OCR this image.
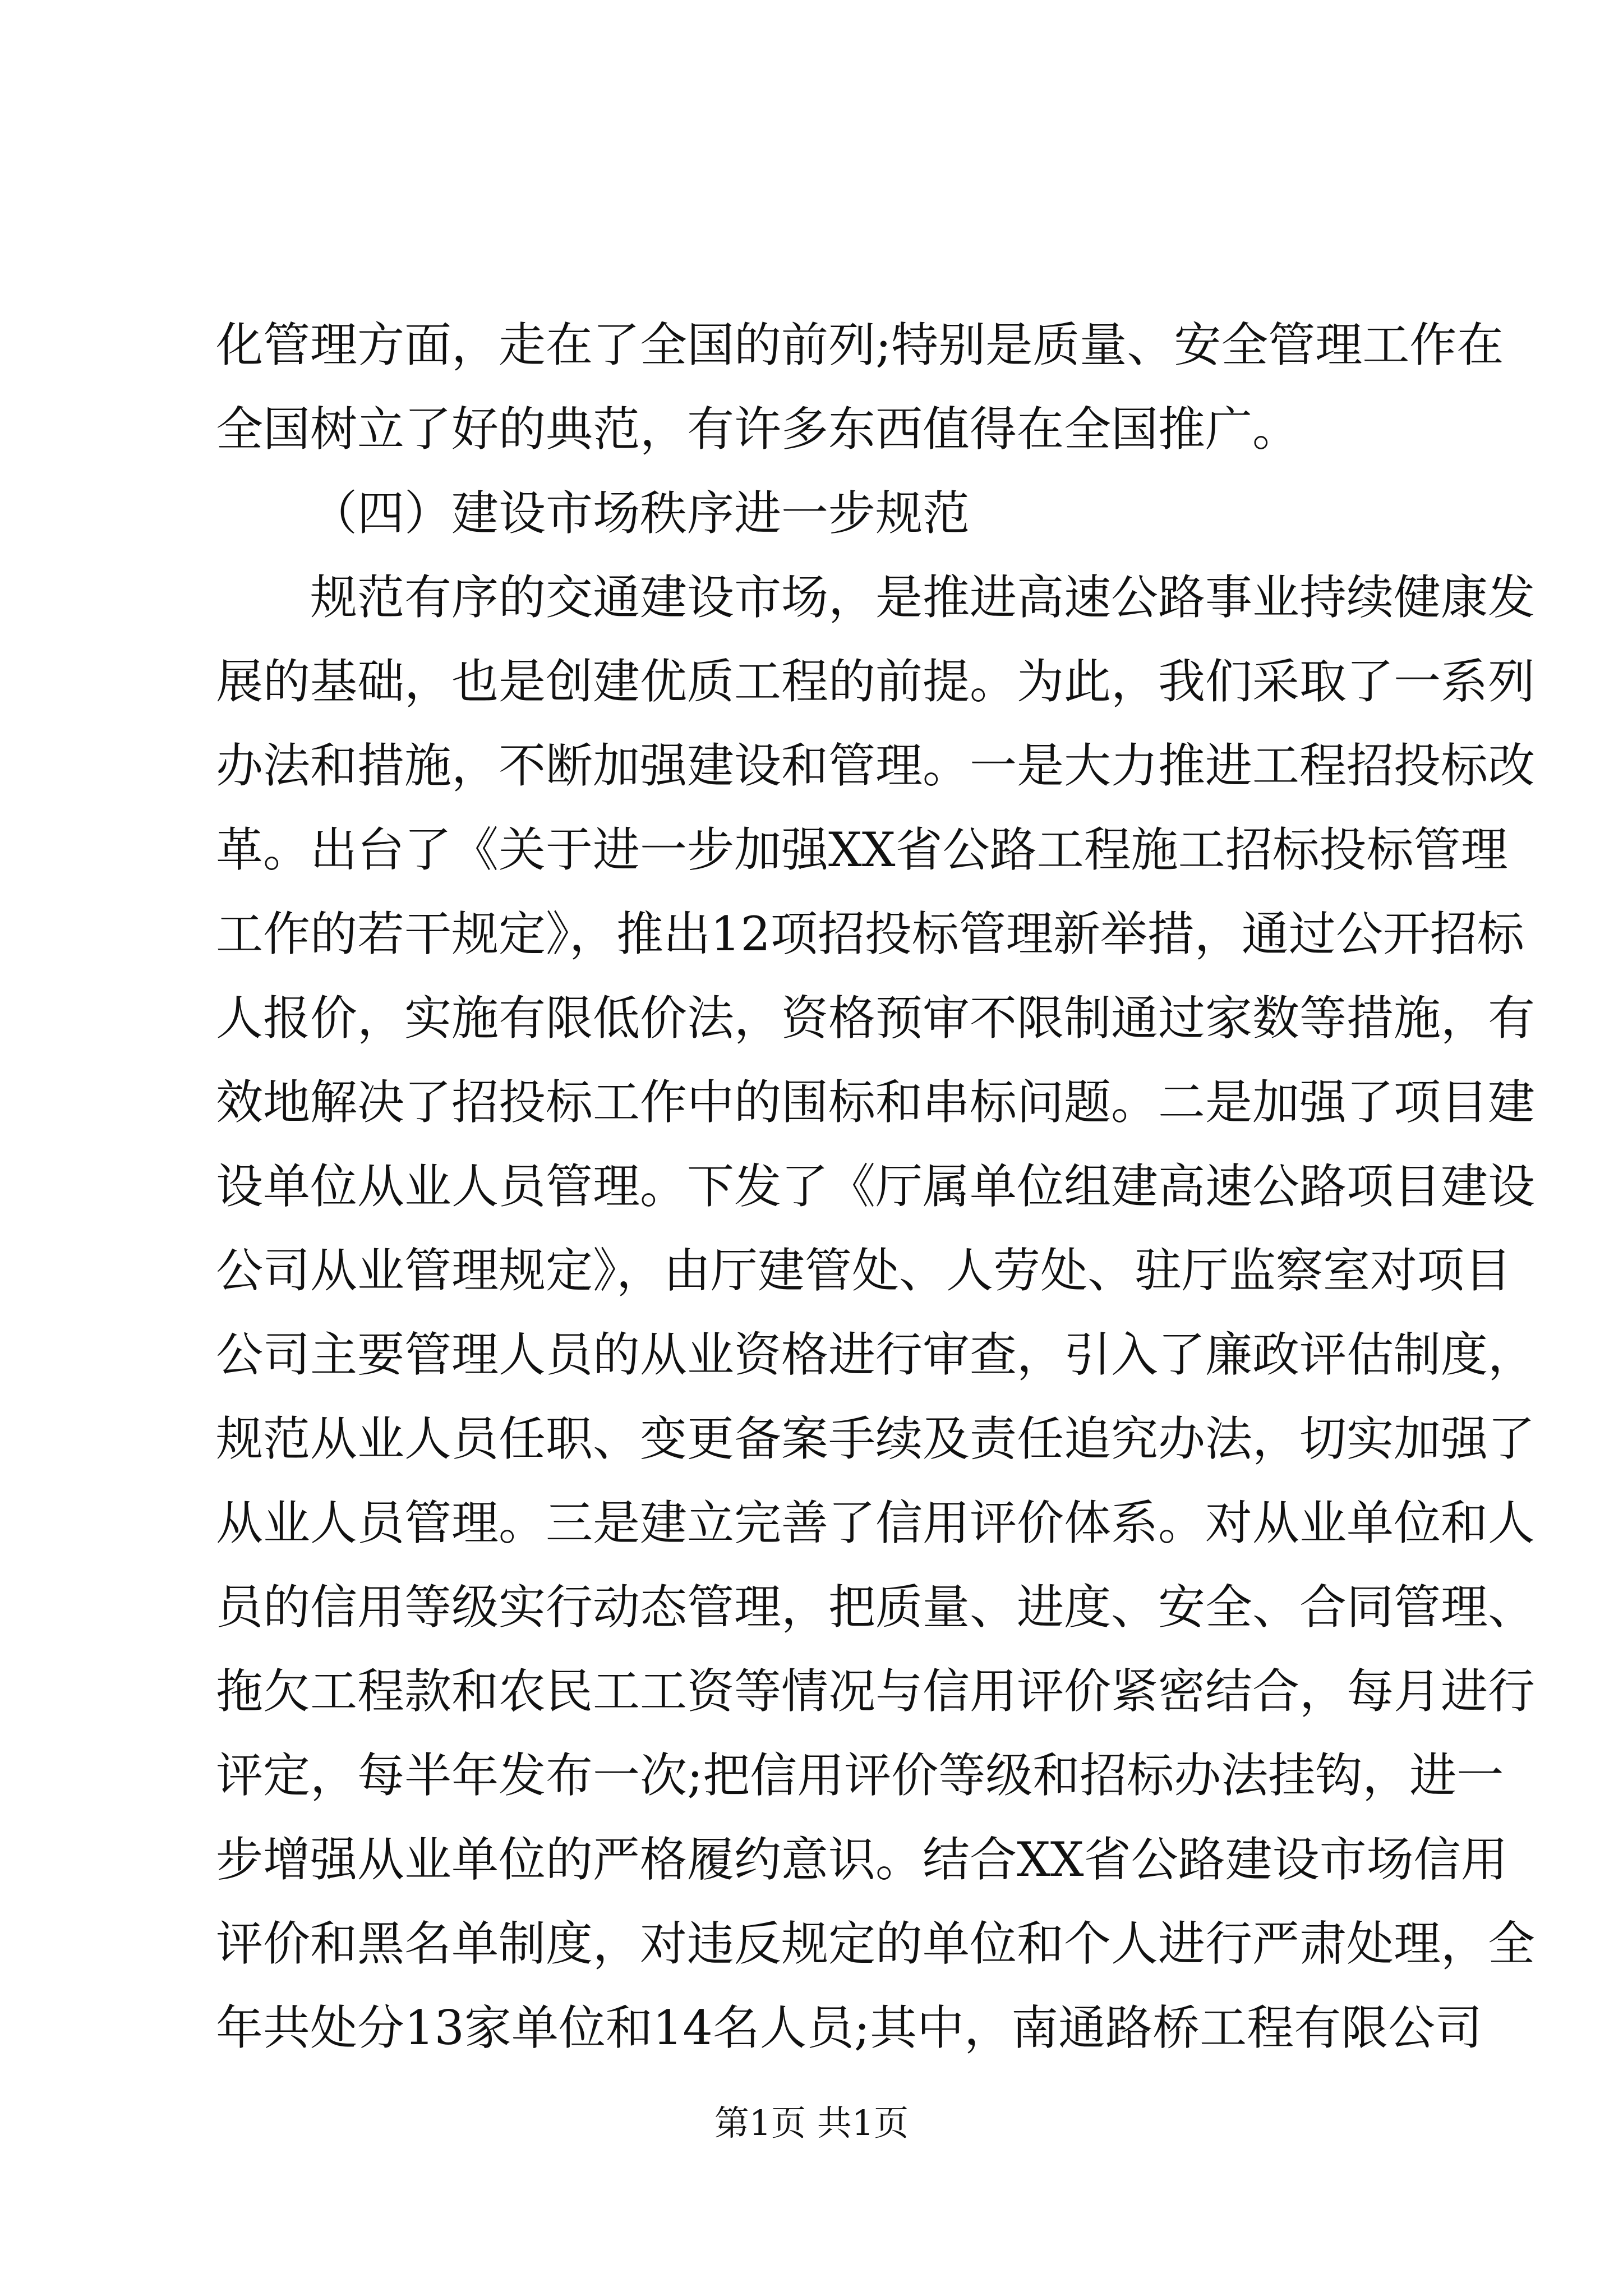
化管理方面，走在了全国的前列;特别是质量、安全管理工作在
全国树立了好的典范，有许多东西值得在全国推广。
（四）建设市场秩序进一步规范
规范有序的交通建设市场，是推进高速公路事业持续健康发
展的基础，也是创建优质工程的前提。为此，我们采取了一系列
办法和措施，不断加强建设和管理。一是大力推进工程招投标改
革。出台了《关于进一步加强XX省公路工程施工招标投标管理
工作的若干规定》，推出12项招投标管理新举措，通过公开招标
人报价，实施有限低价法，资格预审不限制通过家数等措施，有
效地解决了招投标工作中的围标和串标问题。二是加强了项目建
设单位从业人员管理。下发了《厅属单位组建高速公路项目建设
公司从业管理规定》，由厅建管处、人劳处、驻厅监察室对项目
公司主要管理人员的从业资格进行审查，引入了廉政评估制度，
规范从业人员任职、变更备案手续及责任追究办法，切实加强了
从业人员管理。三是建立完善了信用评价体系。对从业单位和人
员的信用等级实行动态管理，把质量、进度、安全、合同管理、
拖欠工程款和农民工工资等情况与信用评价紧密结合，每月进行
评定，每半年发布一次;把信用评价等级和招标办法挂钩，进一
步增强从业单位的严格履约意识。结合XX省公路建设市场信用
评价和黑名单制度，对违反规定的单位和个人进行严肃处理，全
年共处分13家单位和14名人员;其中，南通路桥工程有限公司
第1页 共1页
